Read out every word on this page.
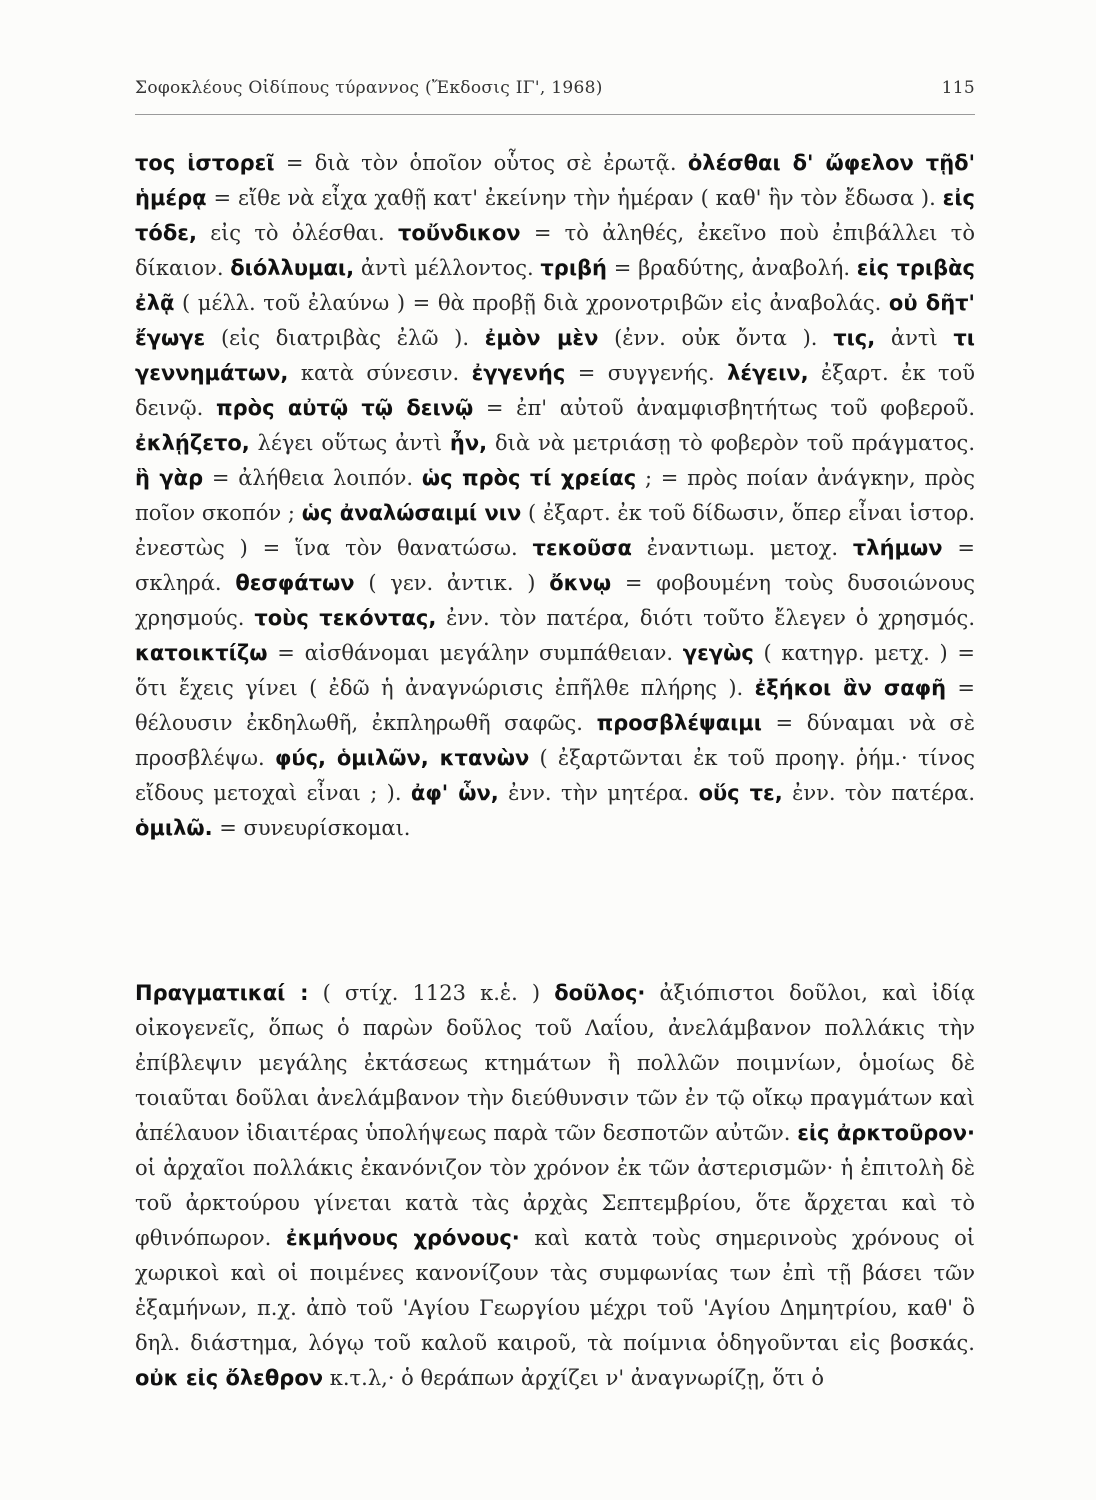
Σοφοκλέους Οἰδίπους τύραννος (Ἔκδοσις ΙΓ', 1968)	115

τος ἱστορεῖ = διὰ τὸν ὁποῖον οὗτος σὲ ἐρωτᾷ. ὀλέσθαι δ' ὤφελον τῇδ' ἡμέρᾳ = εἴθε νὰ εἶχα χαθῇ κατ' ἐκείνην τὴν ἡμέραν ( καθ' ἣν τὸν ἔδωσα ). εἰς τόδε, εἰς τὸ ὀλέσθαι. τοὔνδικον = τὸ ἀληθές, ἐκεῖνο ποὺ ἐπιβάλλει τὸ δίκαιον. διόλλυμαι, ἀντὶ μέλλοντος. τριβή = βραδύτης, ἀναβολή. εἰς τριβὰς ἐλᾷ ( μέλλ. τοῦ ἐλαύνω ) = θὰ προβῇ διὰ χρονοτριβῶν εἰς ἀναβολάς. οὐ δῆτ' ἔγωγε (εἰς διατριβὰς ἐλῶ ). ἐμὸν μὲν (ἐνν. οὐκ ὄντα ). τις, ἀντὶ τι γεννημάτων, κατὰ σύνεσιν. ἐγγενής = συγγενής. λέγειν, ἐξαρτ. ἐκ τοῦ δεινῷ. πρὸς αὐτῷ τῷ δεινῷ = ἐπ' αὐτοῦ ἀναμφισβητήτως τοῦ φοβεροῦ. ἐκλῄζετο, λέγει οὕτως ἀντὶ ἦν, διὰ νὰ μετριάσῃ τὸ φοβερὸν τοῦ πράγματος. ἣ γὰρ = ἀλήθεια λοιπόν. ὡς πρὸς τί χρείας ; = πρὸς ποίαν ἀνάγκην, πρὸς ποῖον σκοπόν ; ὡς ἀναλώσαιμί νιν ( ἐξαρτ. ἐκ τοῦ δίδωσιν, ὅπερ εἶναι ἱστορ. ἐνεστὼς ) = ἵνα τὸν θανατώσω. τεκοῦσα ἐναντιωμ. μετοχ. τλήμων = σκληρά. θεσφάτων ( γεν. ἀντικ. ) ὄκνῳ = φοβουμένη τοὺς δυσοιώνους χρησμούς. τοὺς τεκόντας, ἐνν. τὸν πατέρα, διότι τοῦτο ἔλεγεν ὁ χρησμός. κατοικτίζω = αἰσθάνομαι μεγάλην συμπάθειαν. γεγὼς ( κατηγρ. μετχ. ) = ὅτι ἔχεις γίνει ( ἐδῶ ἡ ἀναγνώρισις ἐπῆλθε πλήρης ). ἐξήκοι ἂν σαφῆ = θέλουσιν ἐκδηλωθῆ, ἐκπληρωθῆ σαφῶς. προσβλέψαιμι = δύναμαι νὰ σὲ προσβλέψω. φύς, ὁμιλῶν, κτανὼν ( ἐξαρτῶνται ἐκ τοῦ προηγ. ῥήμ.· τίνος εἴδους μετοχαὶ εἶναι ; ). ἀφ' ὧν, ἐνν. τὴν μητέρα. οὕς τε, ἐνν. τὸν πατέρα. ὁμιλῶ. = συνευρίσκομαι.

Πραγματικαί : ( στίχ. 1123 κ.ἑ. ) δοῦλος· ἀξιόπιστοι δοῦλοι, καὶ ἰδίᾳ οἰκογενεῖς, ὅπως ὁ παρὼν δοῦλος τοῦ Λαΐου, ἀνελάμβανον πολλάκις τὴν ἐπίβλεψιν μεγάλης ἐκτάσεως κτημάτων ἢ πολλῶν ποιμνίων, ὁμοίως δὲ τοιαῦται δοῦλαι ἀνελάμβανον τὴν διεύθυνσιν τῶν ἐν τῷ οἴκῳ πραγμάτων καὶ ἀπέλαυον ἰδιαιτέρας ὑπολήψεως παρὰ τῶν δεσποτῶν αὐτῶν. εἰς ἀρκτοῦρον· οἱ ἀρχαῖοι πολλάκις ἐκανόνιζον τὸν χρόνον ἐκ τῶν ἀστερισμῶν· ἡ ἐπιτολὴ δὲ τοῦ ἀρκτούρου γίνεται κατὰ τὰς ἀρχὰς Σεπτεμβρίου, ὅτε ἄρχεται καὶ τὸ φθινόπωρον. ἐκμήνους χρόνους· καὶ κατὰ τοὺς σημερινοὺς χρόνους οἱ χωρικοὶ καὶ οἱ ποιμένες κανονίζουν τὰς συμφωνίας των ἐπὶ τῇ βάσει τῶν ἑξαμήνων, π.χ. ἀπὸ τοῦ 'Αγίου Γεωργίου μέχρι τοῦ 'Αγίου Δημητρίου, καθ' ὃ δηλ. διάστημα, λόγῳ τοῦ καλοῦ καιροῦ, τὰ ποίμνια ὁδηγοῦνται εἰς βοσκάς. οὐκ εἰς ὄλεθρον κ.τ.λ,· ὁ θεράπων ἀρχίζει ν' ἀναγνωρίζῃ, ὅτι ὁ
